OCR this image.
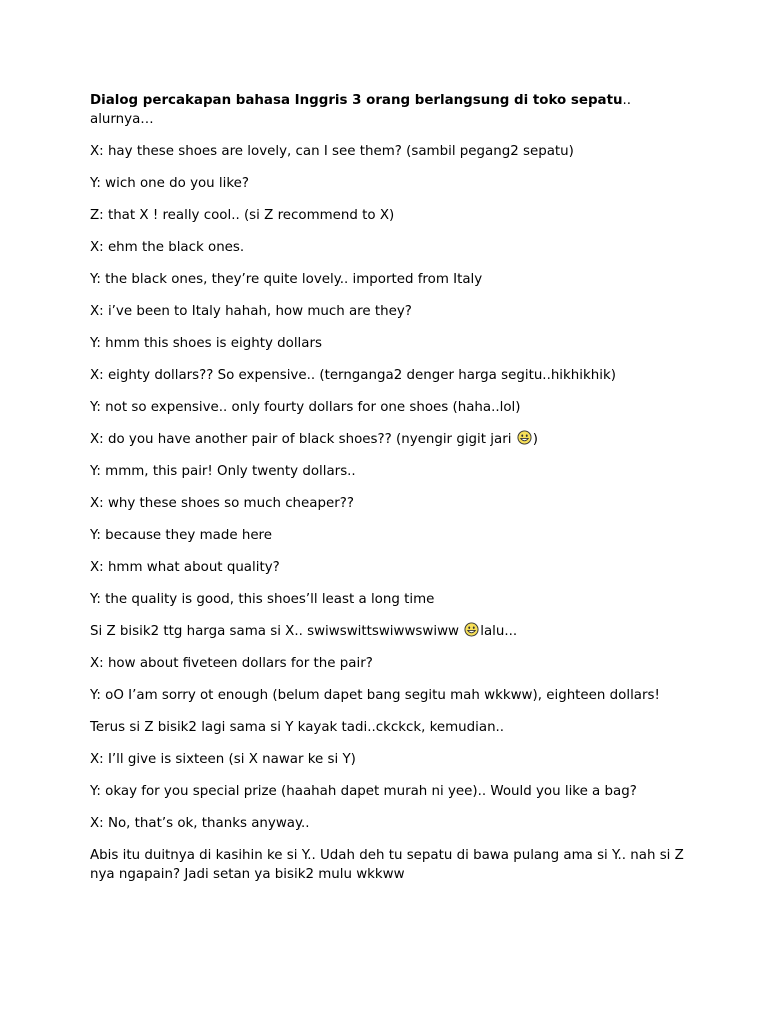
Dialog percakapan bahasa Inggris 3 orang berlangsung di toko sepatu..
alurnya…

X: hay these shoes are lovely, can I see them? (sambil pegang2 sepatu)

Y: wich one do you like?

Z: that X ! really cool.. (si Z recommend to X)

X: ehm the black ones.

Y: the black ones, they’re quite lovely.. imported from Italy

X: i’ve been to Italy hahah, how much are they?

Y: hmm this shoes is eighty dollars

X: eighty dollars?? So expensive.. (ternganga2 denger harga segitu..hikhikhik)

Y: not so expensive.. only fourty dollars for one shoes (haha..lol)

X: do you have another pair of black shoes?? (nyengir gigit jari )

Y: mmm, this pair! Only twenty dollars..

X: why these shoes so much cheaper??

Y: because they made here

X: hmm what about quality?

Y: the quality is good, this shoes’ll least a long time

Si Z bisik2 ttg harga sama si X.. swiwswittswiwwswiww lalu...

X: how about fiveteen dollars for the pair?

Y: oO I’am sorry ot enough (belum dapet bang segitu mah wkkww), eighteen dollars!

Terus si Z bisik2 lagi sama si Y kayak tadi..ckckck, kemudian..

X: I’ll give is sixteen (si X nawar ke si Y)

Y: okay for you special prize (haahah dapet murah ni yee).. Would you like a bag?

X: No, that’s ok, thanks anyway..

Abis itu duitnya di kasihin ke si Y.. Udah deh tu sepatu di bawa pulang ama si Y.. nah si Z nya ngapain? Jadi setan ya bisik2 mulu wkkww
